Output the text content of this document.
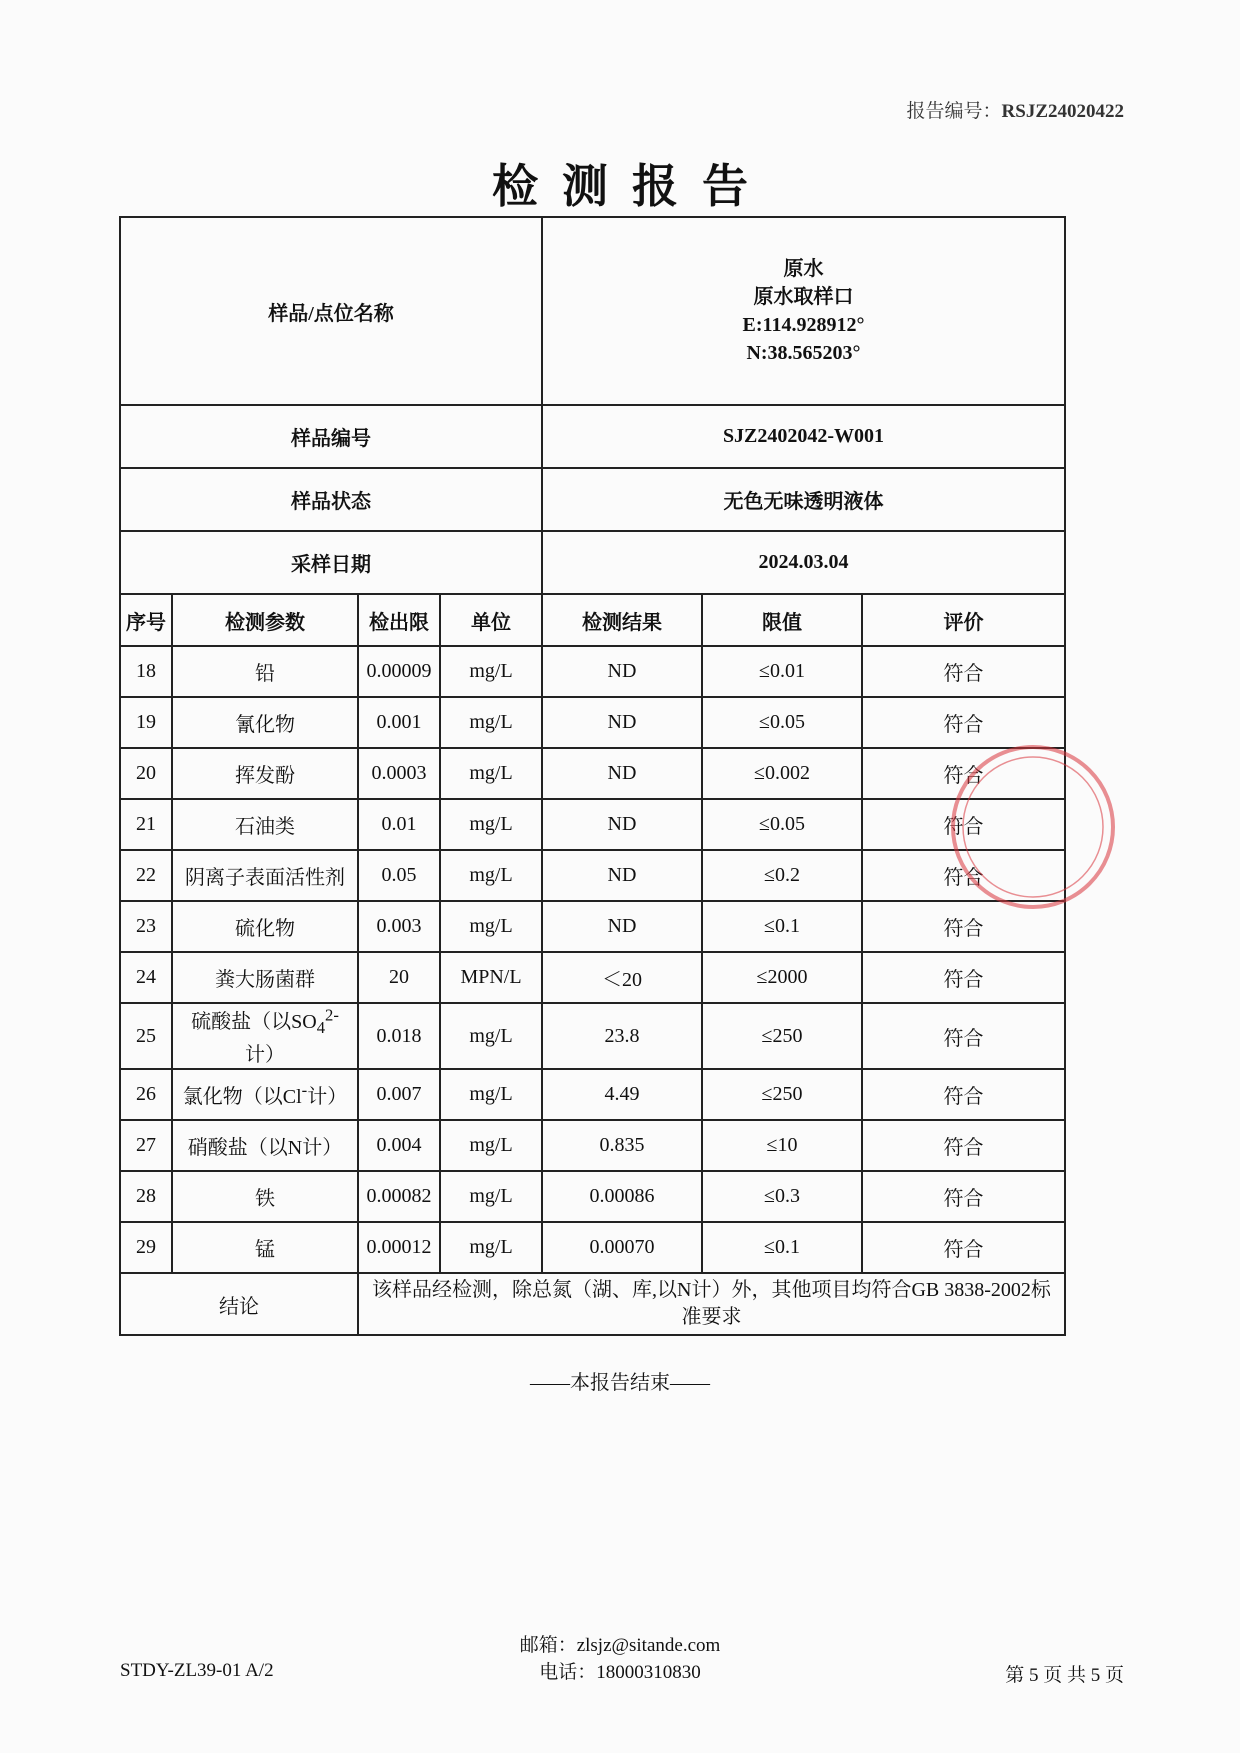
报告编号：RSJZ24020422
检测报告
样品/点位名称				原水
原水取样口
E:114.928912°
N:38.565203°		

样品编号				SJZ2402042-W001		
样品状态				无色无味透明液体		
采样日期				2024.03.04		
序号	检测参数	检出限	单位	检测结果	限值	评价
18	铅	0.00009	mg/L	ND	≤0.01	符合
19	氰化物	0.001	mg/L	ND	≤0.05	符合
20	挥发酚	0.0003	mg/L	ND	≤0.002	符合
21	石油类	0.01	mg/L	ND	≤0.05	符合
22	阴离子表面活性剂	0.05	mg/L	ND	≤0.2	符合
23	硫化物	0.003	mg/L	ND	≤0.1	符合
24	粪大肠菌群	20	MPN/L	＜20	≤2000	符合
25	硫酸盐（以$SO_4^{2-}$计）	0.018	mg/L	23.8	≤250	符合
26	氯化物（以Cl-计）	0.007	mg/L	4.49	≤250	符合
27	硝酸盐（以N计）	0.004	mg/L	0.835	≤10	符合
28	铁	0.00082	mg/L	0.00086	≤0.3	符合
29	锰	0.00012	mg/L	0.00070	≤0.1	符合
结论		该样品经检测，除总氮（湖、库,以N计）外，其他项目均符合GB 3838-2002标准要求				
——本报告结束——
STDY-ZL39-01 A/2
邮箱：zlsjz@sitande.com
电话：18000310830	第 5 页 共 5 页
